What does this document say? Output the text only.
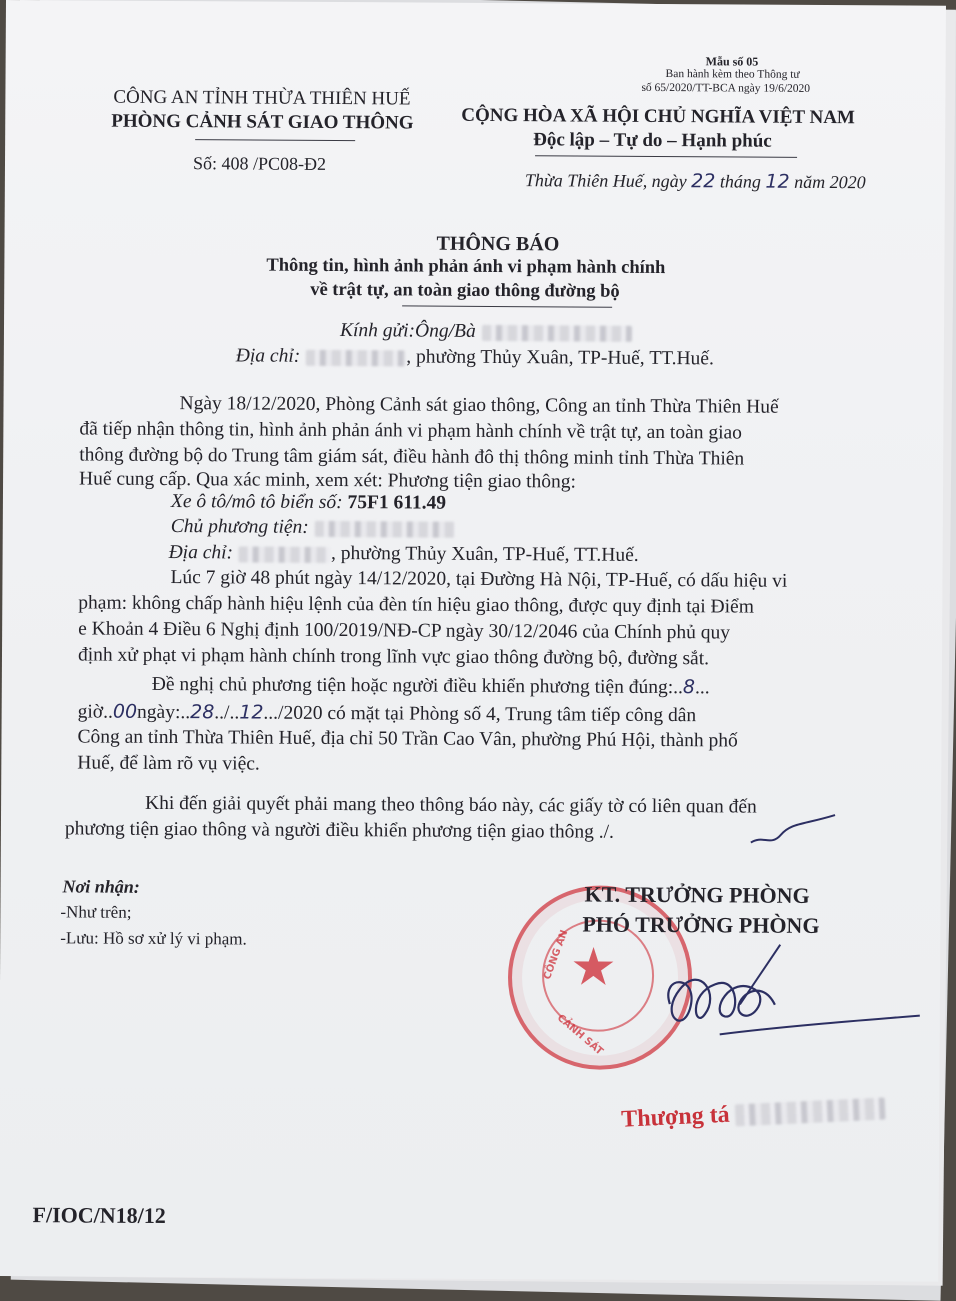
Mẫu số 05
Ban hành kèm theo Thông tư
số 65/2020/TT-BCA ngày 19/6/2020
CÔNG AN TỈNH THỪA THIÊN HUẾ
PHÒNG CẢNH SÁT GIAO THÔNG
Số: 408 /PC08-Đ2
CỘNG HÒA XÃ HỘI CHỦ NGHĨA VIỆT NAM
Độc lập – Tự do – Hạnh phúc
Thừa Thiên Huế, ngày 22 tháng 12 năm 2020
THÔNG BÁO
Thông tin, hình ảnh phản ánh vi phạm hành chính
về trật tự, an toàn giao thông đường bộ
Kính gửi:Ông/Bà
Địa chỉ:	, phường Thủy Xuân, TP-Huế, TT.Huế.
Ngày 18/12/2020, Phòng Cảnh sát giao thông, Công an tỉnh Thừa Thiên Huế
đã tiếp nhận thông tin, hình ảnh phản ánh vi phạm hành chính về trật tự, an toàn giao
thông đường bộ do Trung tâm giám sát, điều hành đô thị thông minh tỉnh Thừa Thiên
Huế cung cấp. Qua xác minh, xem xét: Phương tiện giao thông:
Xe ô tô/mô tô biển số: 75F1 611.49
Chủ phương tiện:
Địa chỉ:	, phường Thủy Xuân, TP-Huế, TT.Huế.
Lúc 7 giờ 48 phút ngày 14/12/2020, tại Đường Hà Nội, TP-Huế, có dấu hiệu vi
phạm: không chấp hành hiệu lệnh của đèn tín hiệu giao thông, được quy định tại Điểm
e Khoản 4 Điều 6 Nghị định 100/2019/NĐ-CP ngày 30/12/2046 của Chính phủ quy
định xử phạt vi phạm hành chính trong lĩnh vực giao thông đường bộ, đường sắt.
Đề nghị chủ phương tiện hoặc người điều khiển phương tiện đúng:..8...
giờ..00ngày:..28../..12.../2020 có mặt tại Phòng số 4, Trung tâm tiếp công dân
Công an tỉnh Thừa Thiên Huế, địa chỉ 50 Trần Cao Vân, phường Phú Hội, thành phố
Huế, để làm rõ vụ việc.
Khi đến giải quyết phải mang theo thông báo này, các giấy tờ có liên quan đến
phương tiện giao thông và người điều khiển phương tiện giao thông ./.
Nơi nhận:
-Như trên;
-Lưu: Hồ sơ xử lý vi phạm.	★
CÔNG AN
CẢNH SÁT
KT. TRƯỞNG PHÒNG
PHÓ TRƯỞNG PHÒNG
Thượng tá
F/IOC/N18/12
